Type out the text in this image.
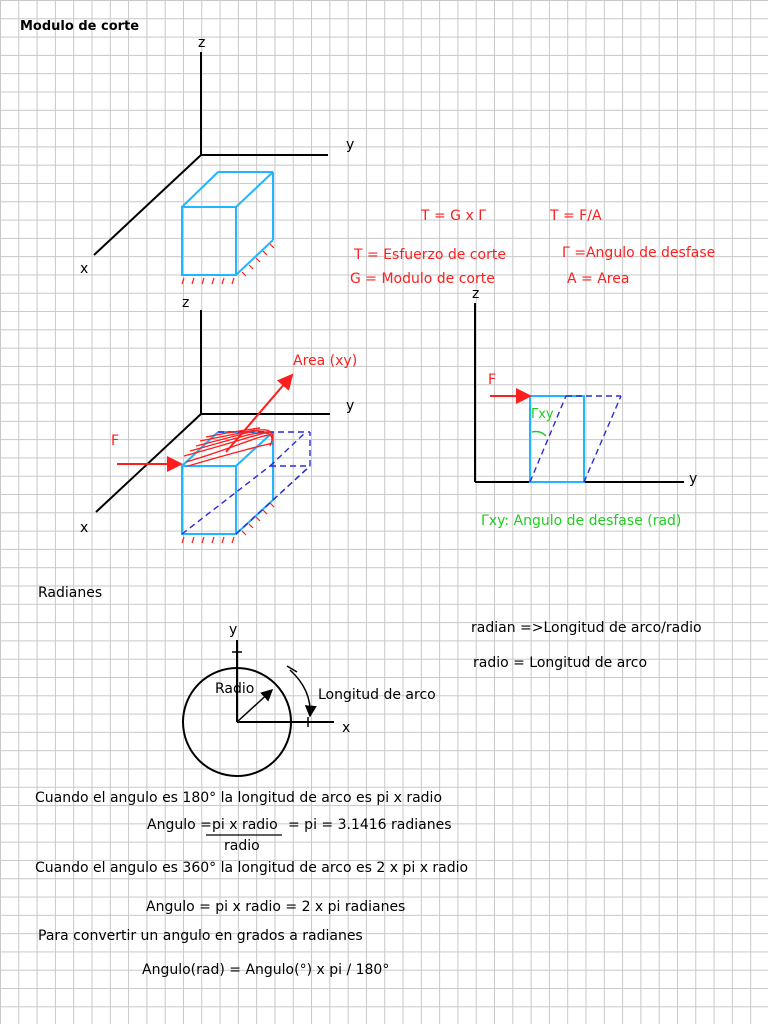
Modulo de corte
z
y
x
T = G x Γ	T = F/A
T = Esfuerzo de corte	Γ =Angulo de desfase
G = Modulo de corte	A = Area
z
y
x
F
Area (xy)
z
y
F
Γxy
Γxy: Angulo de desfase (rad)
Radianes
radian =>Longitud de arco/radio
radio = Longitud de arco
y
x
Radio	Longitud de arco
Cuando el angulo es 180° la longitud de arco es pi x radio
Angulo = pi x radio = pi = 3.1416 radianes
radio
Cuando el angulo es 360° la longitud de arco es 2 x pi x radio
Angulo = pi x radio = 2 x pi radianes
Para convertir un angulo en grados a radianes
Angulo(rad) = Angulo(°) x pi / 180°
